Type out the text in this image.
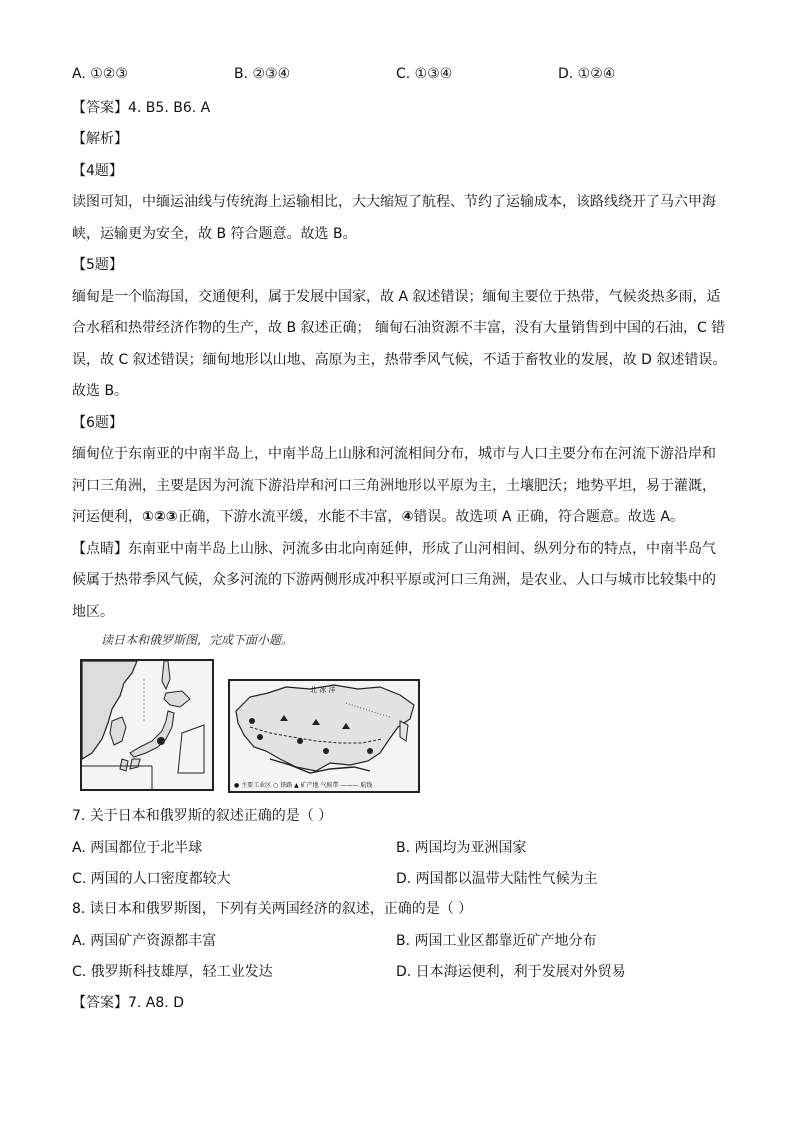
A. ①②③	B. ②③④	C. ①③④	D. ①②④
【答案】4. B5. B6. A
【解析】
【4题】
读图可知，中缅运油线与传统海上运输相比，大大缩短了航程、节约了运输成本，该路线绕开了马六甲海
峡，运输更为安全，故 B 符合题意。故选 B。
【5题】
缅甸是一个临海国，交通便利，属于发展中国家，故 A 叙述错误；缅甸主要位于热带，气候炎热多雨，适
合水稻和热带经济作物的生产，故 B 叙述正确； 缅甸石油资源不丰富，没有大量销售到中国的石油，C 错
误，故 C 叙述错误；缅甸地形以山地、高原为主，热带季风气候，不适于畜牧业的发展，故 D 叙述错误。
故选 B。
【6题】
缅甸位于东南亚的中南半岛上，中南半岛上山脉和河流相间分布，城市与人口主要分布在河流下游沿岸和
河口三角洲，主要是因为河流下游沿岸和河口三角洲地形以平原为主，土壤肥沃；地势平坦，易于灌溉，
河运便利，①②③正确，下游水流平缓，水能不丰富，④错误。故选项 A 正确，符合题意。故选 A。
【点睛】东南亚中南半岛上山脉、河流多由北向南延伸，形成了山河相间、纵列分布的特点，中南半岛气
候属于热带季风气候，众多河流的下游两侧形成冲积平原或河口三角洲，是农业、人口与城市比较集中的
地区。
读日本和俄罗斯图，完成下面小题。
北 冰 洋
● 主要工业区 ○ 铁路 ▲ 矿产地 气候带 ——— 航线
7. 关于日本和俄罗斯的叙述正确的是（ ）
A. 两国都位于北半球	B. 两国均为亚洲国家
C. 两国的人口密度都较大	D. 两国都以温带大陆性气候为主
8. 读日本和俄罗斯图，下列有关两国经济的叙述，正确的是（ ）
A. 两国矿产资源都丰富	B. 两国工业区都靠近矿产地分布
C. 俄罗斯科技雄厚，轻工业发达	D. 日本海运便利，利于发展对外贸易
【答案】7. A8. D
